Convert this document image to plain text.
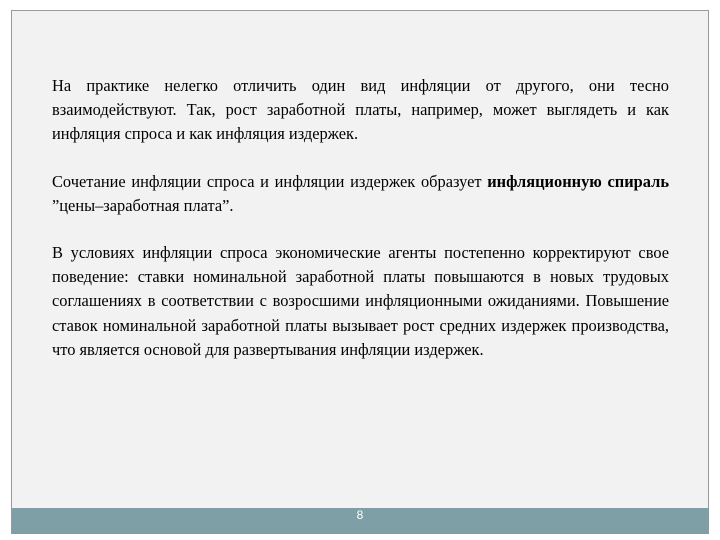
На практике нелегко отличить один вид инфляции от другого, они тесно взаимодействуют. Так, рост заработной платы, например, может выглядеть и как инфляция спроса и как инфляция издержек.

Сочетание инфляции спроса и инфляции издержек образует инфляционную спираль ”цены–заработная плата”.

В условиях инфляции спроса экономические агенты постепенно корректируют свое поведение: ставки номинальной заработной платы повышаются в новых трудовых соглашениях в соответствии с возросшими инфляционными ожиданиями. Повышение ставок номинальной заработной платы вызывает рост средних издержек производства, что является основой для развертывания инфляции издержек.

8
